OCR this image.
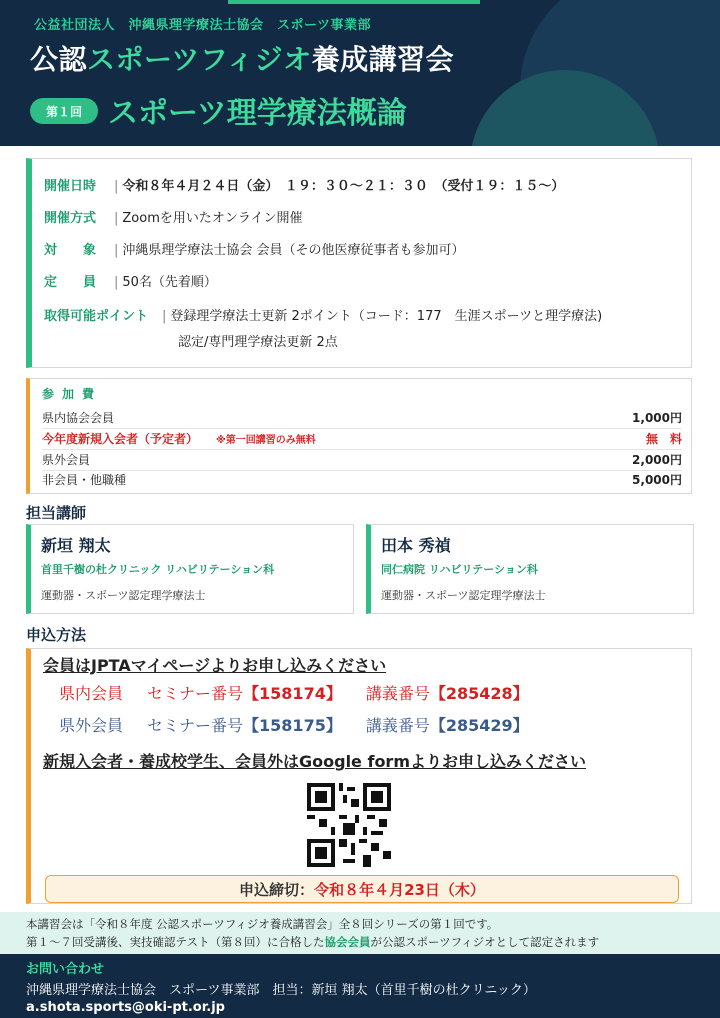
公益社団法人　沖縄県理学療法士協会　スポーツ事業部
公認スポーツフィジオ養成講習会
第１回 スポーツ理学療法概論
開催日時 | 令和８年４月２４日（金）　１９：３０〜２１：３０　（受付１９：１５〜）
開催方式 | Zoomを用いたオンライン開催
対　　象 | 沖縄県理学療法士協会 会員（その他医療従事者も参加可）
定　　員 | 50名（先着順）
取得可能ポイント | 登録理学療法士更新 2ポイント（コード：177　生涯スポーツと理学療法)
認定/専門理学療法更新 2点
参加費
県内協会会員	1,000円
今年度新規入会者（予定者） ※第一回講習のみ無料	無　料
県外会員	2,000円
非会員・他職種	5,000円
担当講師
新垣 翔太
首里千樹の杜クリニック リハビリテーション科
運動器・スポーツ認定理学療法士
田本 秀禎
同仁病院 リハビリテーション科
運動器・スポーツ認定理学療法士
申込方法
会員はJPTAマイページよりお申し込みください
県内会員 セミナー番号【158174】 講義番号【285428】
県外会員 セミナー番号【158175】 講義番号【285429】
新規入会者・養成校学生、会員外はGoogle formよりお申し込みください
申込締切： 令和８年４月23日（木）
本講習会は「令和８年度 公認スポーツフィジオ養成講習会」全８回シリーズの第１回です。
第１〜７回受講後、実技確認テスト（第８回）に合格した協会会員が公認スポーツフィジオとして認定されます
お問い合わせ
沖縄県理学療法士協会　スポーツ事業部　担当：新垣 翔太（首里千樹の杜クリニック）
a.shota.sports@oki-pt.or.jp
